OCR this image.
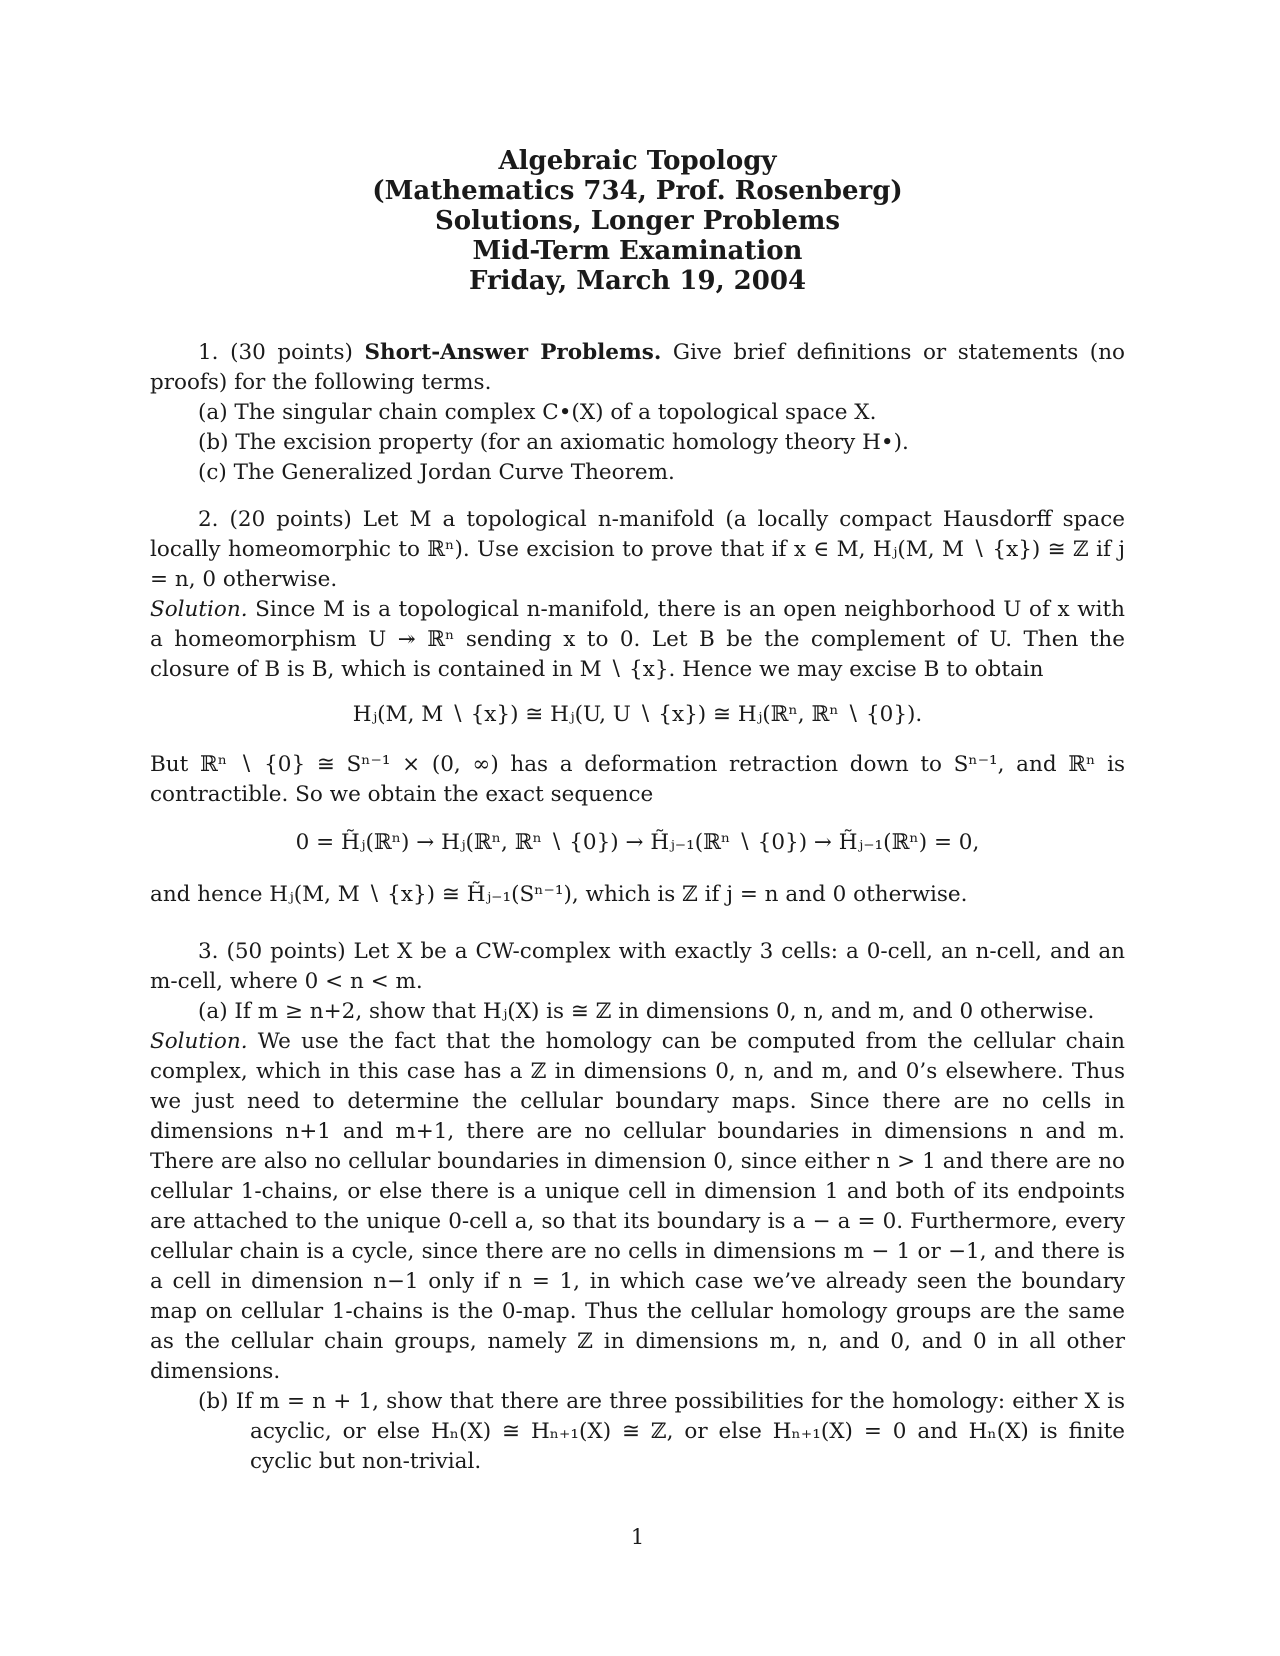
Algebraic Topology
(Mathematics 734, Prof. Rosenberg)
Solutions, Longer Problems
Mid-Term Examination
Friday, March 19, 2004
1. (30 points) Short-Answer Problems. Give brief definitions or statements (no proofs) for the following terms.
(a) The singular chain complex C•(X) of a topological space X.
(b) The excision property (for an axiomatic homology theory H•).
(c) The Generalized Jordan Curve Theorem.
2. (20 points) Let M a topological n-manifold (a locally compact Hausdorff space locally homeomorphic to ℝⁿ). Use excision to prove that if x ∈ M, Hⱼ(M, M ∖ {x}) ≅ ℤ if j = n, 0 otherwise.
Solution. Since M is a topological n-manifold, there is an open neighborhood U of x with a homeomorphism U ↠ ℝⁿ sending x to 0. Let B be the complement of U. Then the closure of B is B, which is contained in M ∖ {x}. Hence we may excise B to obtain
Hⱼ(M, M ∖ {x}) ≅ Hⱼ(U, U ∖ {x}) ≅ Hⱼ(ℝⁿ, ℝⁿ ∖ {0}).
But ℝⁿ ∖ {0} ≅ Sⁿ⁻¹ × (0, ∞) has a deformation retraction down to Sⁿ⁻¹, and ℝⁿ is contractible. So we obtain the exact sequence
0 = H̃ⱼ(ℝⁿ) → Hⱼ(ℝⁿ, ℝⁿ ∖ {0}) → H̃ⱼ₋₁(ℝⁿ ∖ {0}) → H̃ⱼ₋₁(ℝⁿ) = 0,
and hence Hⱼ(M, M ∖ {x}) ≅ H̃ⱼ₋₁(Sⁿ⁻¹), which is ℤ if j = n and 0 otherwise.
3. (50 points) Let X be a CW-complex with exactly 3 cells: a 0-cell, an n-cell, and an m-cell, where 0 < n < m.
(a) If m ≥ n+2, show that Hⱼ(X) is ≅ ℤ in dimensions 0, n, and m, and 0 otherwise.
Solution. We use the fact that the homology can be computed from the cellular chain complex, which in this case has a ℤ in dimensions 0, n, and m, and 0’s elsewhere. Thus we just need to determine the cellular boundary maps. Since there are no cells in dimensions n+1 and m+1, there are no cellular boundaries in dimensions n and m. There are also no cellular boundaries in dimension 0, since either n > 1 and there are no cellular 1-chains, or else there is a unique cell in dimension 1 and both of its endpoints are attached to the unique 0-cell a, so that its boundary is a − a = 0. Furthermore, every cellular chain is a cycle, since there are no cells in dimensions m − 1 or −1, and there is a cell in dimension n−1 only if n = 1, in which case we’ve already seen the boundary map on cellular 1-chains is the 0-map. Thus the cellular homology groups are the same as the cellular chain groups, namely ℤ in dimensions m, n, and 0, and 0 in all other dimensions.
(b) If m = n + 1, show that there are three possibilities for the homology: either X is acyclic, or else Hₙ(X) ≅ Hₙ₊₁(X) ≅ ℤ, or else Hₙ₊₁(X) = 0 and Hₙ(X) is finite cyclic but non-trivial.
1
